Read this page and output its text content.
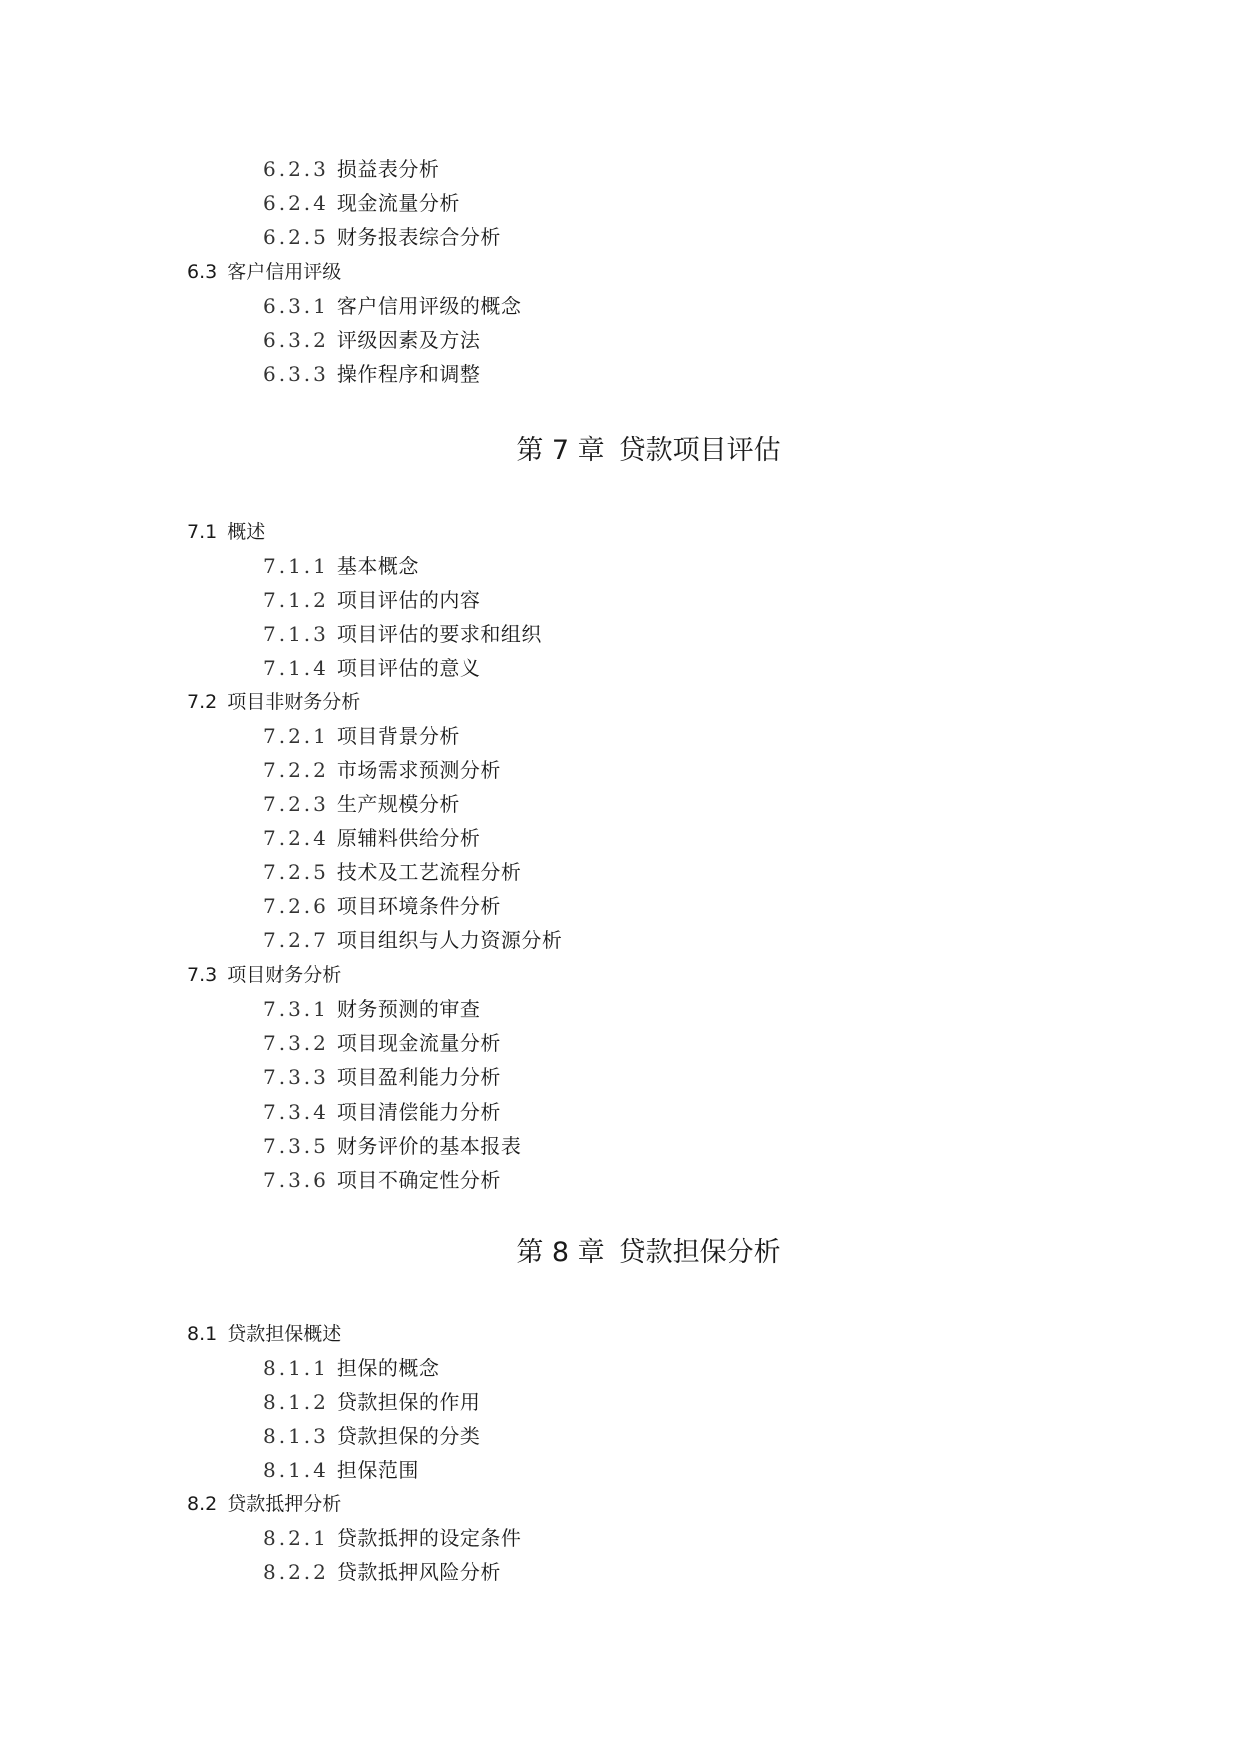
6.2.3 损益表分析
6.2.4 现金流量分析
6.2.5 财务报表综合分析
6.3 客户信用评级
6.3.1 客户信用评级的概念
6.3.2 评级因素及方法
6.3.3 操作程序和调整
第 7 章 贷款项目评估
7.1 概述
7.1.1 基本概念
7.1.2 项目评估的内容
7.1.3 项目评估的要求和组织
7.1.4 项目评估的意义
7.2 项目非财务分析
7.2.1 项目背景分析
7.2.2 市场需求预测分析
7.2.3 生产规模分析
7.2.4 原辅料供给分析
7.2.5 技术及工艺流程分析
7.2.6 项目环境条件分析
7.2.7 项目组织与人力资源分析
7.3 项目财务分析
7.3.1 财务预测的审查
7.3.2 项目现金流量分析
7.3.3 项目盈利能力分析
7.3.4 项目清偿能力分析
7.3.5 财务评价的基本报表
7.3.6 项目不确定性分析
第 8 章 贷款担保分析
8.1 贷款担保概述
8.1.1 担保的概念
8.1.2 贷款担保的作用
8.1.3 贷款担保的分类
8.1.4 担保范围
8.2 贷款抵押分析
8.2.1 贷款抵押的设定条件
8.2.2 贷款抵押风险分析
